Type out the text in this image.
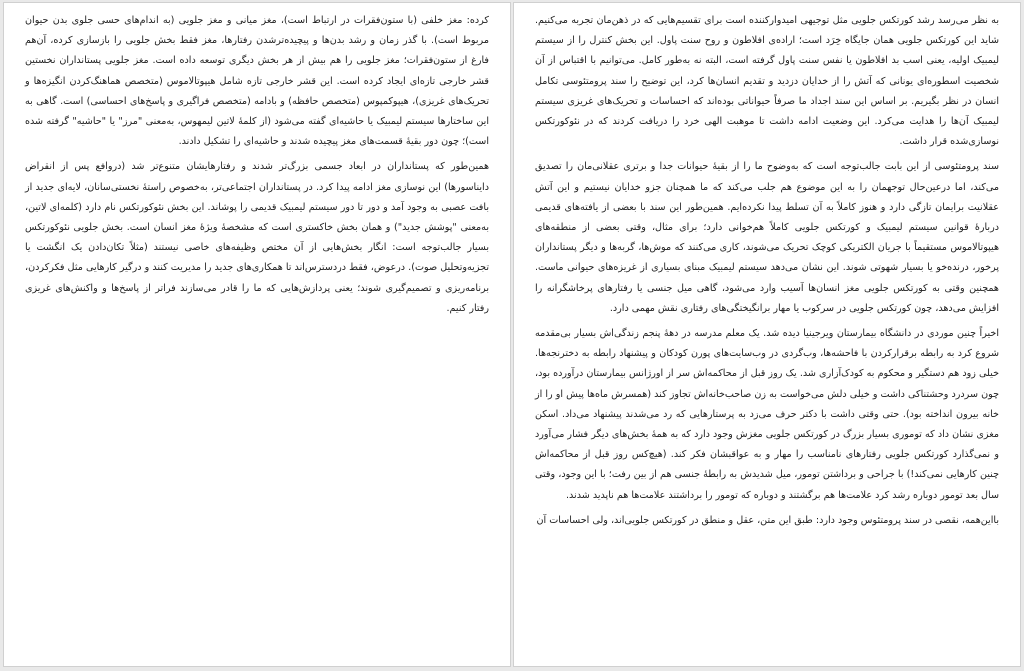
به نظر می‌رسد رشد کورتکس جلویی مثل توجیهی امیدوارکننده است برای تقسیم‌هایی که در ذهن‌مان تجربه می‌کنیم. شاید این کورتکس جلویی همان جایگاه خِرَد است؛ اراده‌ی افلاطون و روح سنت پاول. این بخش کنترل را از سیستم لیمبیک اولیه، یعنی اسب بد افلاطون یا نفس سنت پاول گرفته است، البته نه به‌طور کامل. می‌توانیم با اقتباس از آن شخصیت اسطوره‌ای یونانی که آتش را از خدایان دزدید و تقدیم انسان‌ها کرد، این توضیح را سند پرومتئوسی تکامل انسان در نظر بگیریم. بر اساس این سند اجداد ما صرفاً حیواناتی بوده‌اند که احساسات و تحریک‌های غریزی سیستم لیمبیک آن‌ها را هدایت می‌کرد. این وضعیت ادامه داشت تا موهبت الهی خرد را دریافت کردند که در نئوکورتکس نوسازی‌شده قرار داشت.

سند پرومتئوسی از این بابت جالب‌توجه است که به‌وضوح ما را از بقیهٔ حیوانات جدا و برتری عقلانی‌مان را تصدیق می‌کند، اما درعین‌حال توجهمان را به این موضوع هم جلب می‌کند که ما همچنان جزو خدایان نیستیم و این آتش عقلانیت برایمان تازگی دارد و هنوز کاملاً به آن تسلط پیدا نکرده‌ایم. همین‌طور این سند با بعضی از یافته‌های قدیمی دربارهٔ قوانین سیستم لیمبیک و کورتکس جلویی کاملاً هم‌خوانی دارد؛ برای مثال، وقتی بعضی از منطقه‌های هیپوتالاموس مستقیماً با جریان الکتریکی کوچک تحریک می‌شوند، کاری می‌کنند که موش‌ها، گربه‌ها و دیگر پستانداران پرخور، درنده‌خو یا بسیار شهوتی شوند. این نشان می‌دهد سیستم لیمبیک مبنای بسیاری از غریزه‌های حیوانی ماست. همچنین وقتی به کورتکس جلویی مغز انسان‌ها آسیب وارد می‌شود، گاهی میل جنسی یا رفتارهای پرخاشگرانه را افزایش می‌دهد، چون کورتکس جلویی در سرکوب یا مهار برانگیختگی‌های رفتاری نقش مهمی دارد.

اخیراً چنین موردی در دانشگاه بیمارستان ویرجینیا دیده شد. یک معلم مدرسه در دههٔ پنجم زندگی‌اش بسیار بی‌مقدمه شروع کرد به رابطه برقرارکردن با فاحشه‌ها، وب‌گردی در وب‌سایت‌های پورن کودکان و پیشنهاد رابطه به دخترنجه‌ها. خیلی زود هم دستگیر و محکوم به کودک‌آزاری شد. یک روز قبل از محاکمه‌اش سر از اورژانس بیمارستان درآورده بود، چون سردرد وحشتناکی داشت و خیلی دلش می‌خواست به زن صاحب‌خانه‌اش تجاوز کند (همسرش ماه‌ها پیش او را از خانه بیرون انداخته بود). حتی وقتی داشت با دکتر حرف می‌زد به پرستارهایی که رد می‌شدند پیشنهاد می‌داد. اسکن مغزی نشان داد که توموری بسیار بزرگ در کورتکس جلویی مغزش وجود دارد که به همهٔ بخش‌های دیگر فشار می‌آورد و نمی‌گذارد کورتکس جلویی رفتارهای نامناسب را مهار و به عواقبشان فکر کند. (هیچ‌کس روز قبل از محاکمه‌اش چنین کارهایی نمی‌کند!) با جراحی و برداشتن تومور، میل شدیدش به رابطهٔ جنسی هم از بین رفت؛ با این وجود، وقتی سال بعد تومور دوباره رشد کرد علامت‌ها هم برگشتند و دوباره که تومور را برداشتند علامت‌ها هم ناپدید شدند.

بااین‌همه، نقصی در سند پرومتئوس وجود دارد: طبق این متن، عقل و منطق در کورتکس جلویی‌اند، ولی احساسات آن

کرده: مغز خلفی (با ستون‌فقرات در ارتباط است)، مغز میانی و مغز جلویی (به اندام‌های حسی جلوی بدن حیوان مربوط است). با گذر زمان و رشد بدن‌ها و پیچیده‌ترشدن رفتارها، مغز فقط بخش جلویی را بازسازی کرده، آن‌هم فارغ از ستون‌فقرات؛ مغز جلویی را هم بیش از هر بخش دیگری توسعه داده است. مغز جلویی پستانداران نخستین قشر خارجی تازه‌ای ایجاد کرده است. این قشر خارجی تازه شامل هیپوتالاموس (متخصص هماهنگ‌کردن انگیزه‌ها و تحریک‌های غریزی)، هیپوکمپوس (متخصص حافظه) و بادامه (متخصص فراگیری و پاسخ‌های احساسی) است. گاهی به این ساختارها سیستم لیمبیک یا حاشیه‌ای گفته می‌شود (از کلمهٔ لاتین لیمهوس، به‌معنی "مرز" یا "حاشیه" گرفته شده است)؛ چون دور بقیهٔ قسمت‌های مغز پیچیده شدند و حاشیه‌ای را تشکیل دادند.

همین‌طور که پستانداران در ابعاد جسمی بزرگ‌تر شدند و رفتارهایشان متنوع‌تر شد (دروافع پس از انقراض دایناسورها) این نوسازی مغز ادامه پیدا کرد. در پستانداران اجتماعی‌تر، به‌خصوص راستهٔ نخستی‌سانان، لایه‌ای جدید از بافت عصبی به وجود آمد و دور تا دور سیستم لیمبیک قدیمی را پوشاند. این بخش نئوکورتکس نام دارد (کلمه‌ای لاتین، به‌معنی "پوشش جدید") و همان بخش خاکستری است که مشخصهٔ ویژهٔ مغز انسان است. بخش جلویی نئوکورتکس بسیار جالب‌توجه است: انگار بخش‌هایی از آن مختص وظیفه‌های خاصی نیستند (مثلاً تکان‌دادن یک انگشت یا تجزیه‌وتحلیل صوت). درعوض، فقط دردسترس‌اند تا همکاری‌های جدید را مدیریت کنند و درگیر کارهایی مثل فکرکردن، برنامه‌ریزی و تصمیم‌گیری شوند؛ یعنی پردازش‌هایی که ما را قادر می‌سازند فراتر از پاسخ‌ها و واکنش‌های غریزی رفتار کنیم.
